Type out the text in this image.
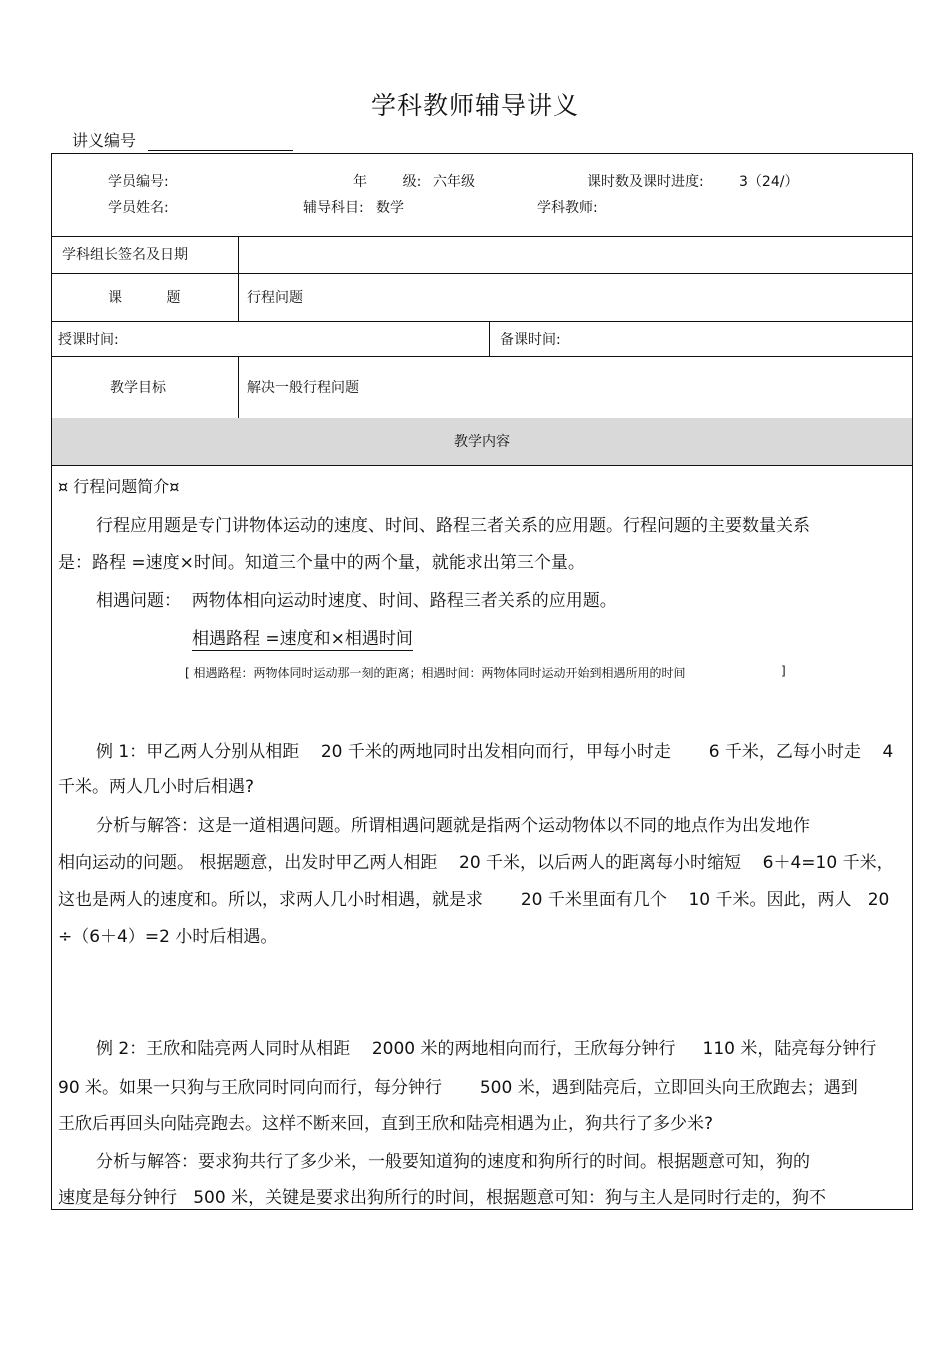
学科教师辅导讲义
讲义编号
学员编号:	年        级: 六年级	课时数及课时进度:	3（24/）
学员姓名:	辅导科目: 数学	学科教师:
学科组长签名及日期
课          题	行程问题
授课时间:	备课时间:
教学目标	解决一般行程问题
教学内容
¤ 行程问题简介¤
行程应用题是专门讲物体运动的速度、时间、路程三者关系的应用题。行程问题的主要数量关系
是：路程 =速度×时间。知道三个量中的两个量，就能求出第三个量。
相遇问题：  两物体相向运动时速度、时间、路程三者关系的应用题。
相遇路程 =速度和×相遇时间
[ 相遇路程：两物体同时运动那一刻的距离；相遇时间：两物体同时运动开始到相遇所用的时间	]
例 1：甲乙两人分别从相距    20 千米的两地同时出发相向而行，甲每小时走       6 千米，乙每小时走    4
千米。两人几小时后相遇?
分析与解答：这是一道相遇问题。所谓相遇问题就是指两个运动物体以不同的地点作为出发地作
相向运动的问题。 根据题意，出发时甲乙两人相距    20 千米，以后两人的距离每小时缩短    6＋4=10 千米，
这也是两人的速度和。所以，求两人几小时相遇，就是求       20 千米里面有几个    10 千米。因此，两人   20
÷（6＋4）=2 小时后相遇。
例 2：王欣和陆亮两人同时从相距    2000 米的两地相向而行，王欣每分钟行     110 米，陆亮每分钟行
90 米。如果一只狗与王欣同时同向而行，每分钟行       500 米，遇到陆亮后，立即回头向王欣跑去；遇到
王欣后再回头向陆亮跑去。这样不断来回，直到王欣和陆亮相遇为止，狗共行了多少米?
分析与解答：要求狗共行了多少米，一般要知道狗的速度和狗所行的时间。根据题意可知，狗的
速度是每分钟行   500 米，关键是要求出狗所行的时间，根据题意可知：狗与主人是同时行走的，狗不
